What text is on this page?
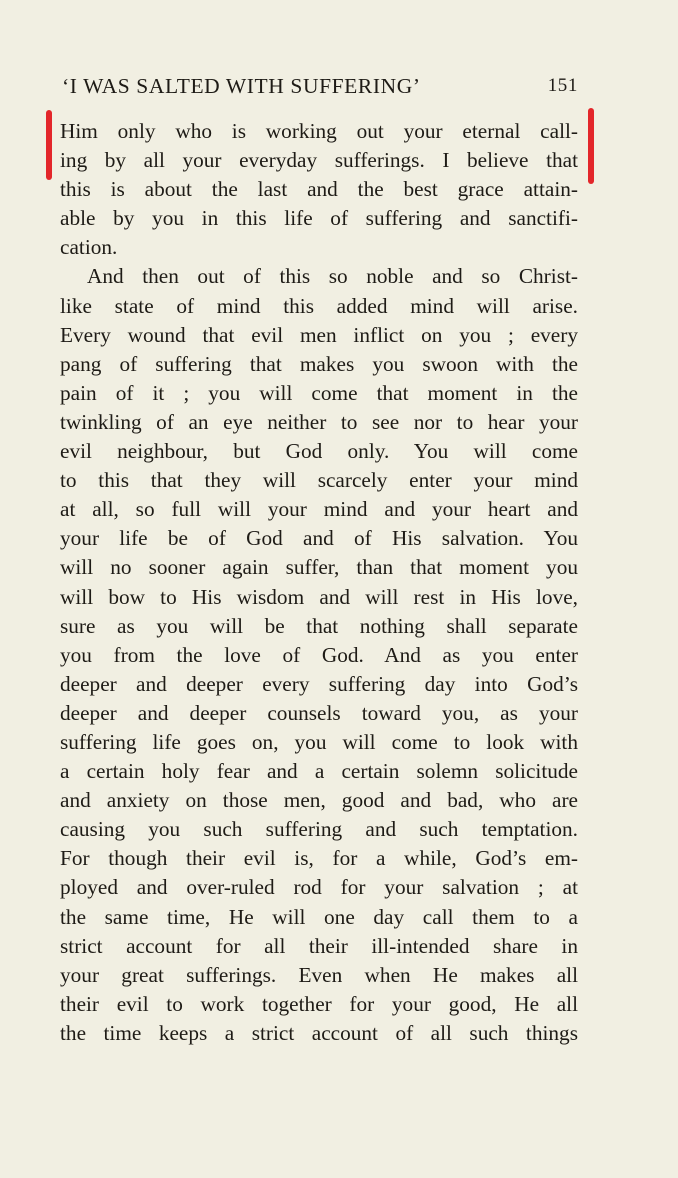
‘I WAS SALTED WITH SUFFERING’	151
Him only who is working out your eternal call-
ing by all your everyday sufferings. I believe that
this is about the last and the best grace attain-
able by you in this life of suffering and sanctifi-
cation.
And then out of this so noble and so Christ-
like state of mind this added mind will arise.
Every wound that evil men inflict on you ; every
pang of suffering that makes you swoon with the
pain of it ; you will come that moment in the
twinkling of an eye neither to see nor to hear your
evil neighbour, but God only. You will come
to this that they will scarcely enter your mind
at all, so full will your mind and your heart and
your life be of God and of His salvation. You
will no sooner again suffer, than that moment you
will bow to His wisdom and will rest in His love,
sure as you will be that nothing shall separate
you from the love of God. And as you enter
deeper and deeper every suffering day into God’s
deeper and deeper counsels toward you, as your
suffering life goes on, you will come to look with
a certain holy fear and a certain solemn solicitude
and anxiety on those men, good and bad, who are
causing you such suffering and such temptation.
For though their evil is, for a while, God’s em-
ployed and over-ruled rod for your salvation ; at
the same time, He will one day call them to a
strict account for all their ill-intended share in
your great sufferings. Even when He makes all
their evil to work together for your good, He all
the time keeps a strict account of all such things
